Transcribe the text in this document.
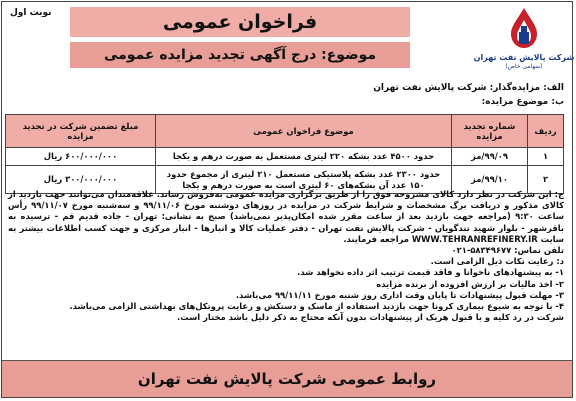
شرکت پالایش نفت تهران
(سهامی خاص)
نوبت اول	فراخوان عمومی
موضوع: درج آگهی تجدید مزایده عمومی
الف: مزایده‌گذار: شرکت پالایش نفت تهران
ب: موضوع مزایده:
ردیف	شماره تجدید مزایده	موضوع فراخوان عمومی	مبلغ تضمین شرکت در تجدید مزایده
۱	۹۹/۰۹/مز	حدود ۴۵۰۰ عدد بشکه ۲۲۰ لیتری مستعمل به صورت درهم و یکجا	۶۰۰/۰۰۰/۰۰۰ ریال
۲	۹۹/۱۰/مز	حدود ۲۳۰۰ عدد بشکه پلاستیکی مستعمل ۲۱۰ لیتری از مجموع حدود ۱۵۰ عدد آن بشکه‌های ۶۰ لیتری است به صورت درهم و یکجا	۳۰۰/۰۰۰/۰۰۰ ریال

ج: این شرکت در نظر دارد کالای مشروحه فوق را از طریق برگزاری مزایده عمومی به‌فروش رساند. علاقه‌مندان می‌توانند جهت بازدید از کالای مذکور و دریافت برگ مشخصات و شرایط شرکت در مزایده در روزهای دوشنبه مورخ ۹۹/۱۱/۰۶ و سه‌شنبه مورخ ۹۹/۱۱/۰۷ رأس ساعت ۹:۳۰ (مراجعه جهت بازدید بعد از ساعت مقرر شده امکان‌پذیر نمی‌باشد) صبح به نشانی: تهران - جاده قدیم قم - ترسیده به باقرشهر - بلوار شهید تندگویان - شرکت پالایش نفت تهران - دفتر عملیات کالا و انبارها - انبار مرکزی و جهت کسب اطلاعات بیشتر به سایت WWW.TEHRANREFINERY.IR مراجعه فرمایند.

تلفن تماس: ۵۸۳۴۹۶۷۷-۰۲۱

د: رعایت نکات ذیل الزامی است.

۱- به پیشنهادهای ناخوانا و فاقد قیمت ترتیب اثر داده نخواهد شد.

۲- اخذ مالیات بر ارزش افزوده از برنده مزایده

۳- مهلت قبول پیشنهادات تا پایان وقت اداری روز شنبه مورخ ۹۹/۱۱/۱۱ می‌باشد.

۴- با توجه به شیوع بیماری کرونا جهت بازدید استفاده از ماسک و دستکش و رعایت پروتکل‌های بهداشتی الزامی می‌باشد.

شرکت در رد کلیه و یا قبول هریک از پیشنهادات بدون آنکه محتاج به ذکر دلیل باشد مختار است.

روابط عمومی شرکت پالایش نفت تهران
